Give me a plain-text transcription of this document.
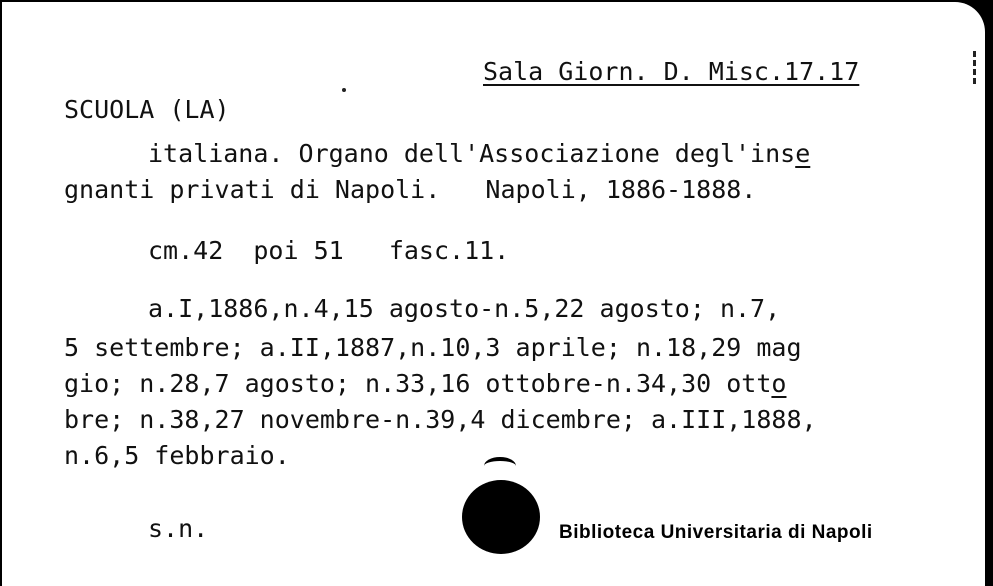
Sala Giorn. D. Misc.17.17
SCUOLA (LA)
italiana. Organo dell'Associazione degl'inse
gnanti privati di Napoli.   Napoli, 1886-1888.
cm.42  poi 51   fasc.11.
a.I,1886,n.4,15 agosto-n.5,22 agosto; n.7,
5 settembre; a.II,1887,n.10,3 aprile; n.18,29 mag
gio; n.28,7 agosto; n.33,16 ottobre-n.34,30 otto
bre; n.38,27 novembre-n.39,4 dicembre; a.III,1888,
n.6,5 febbraio.
s.n.	Biblioteca Universitaria di Napoli
